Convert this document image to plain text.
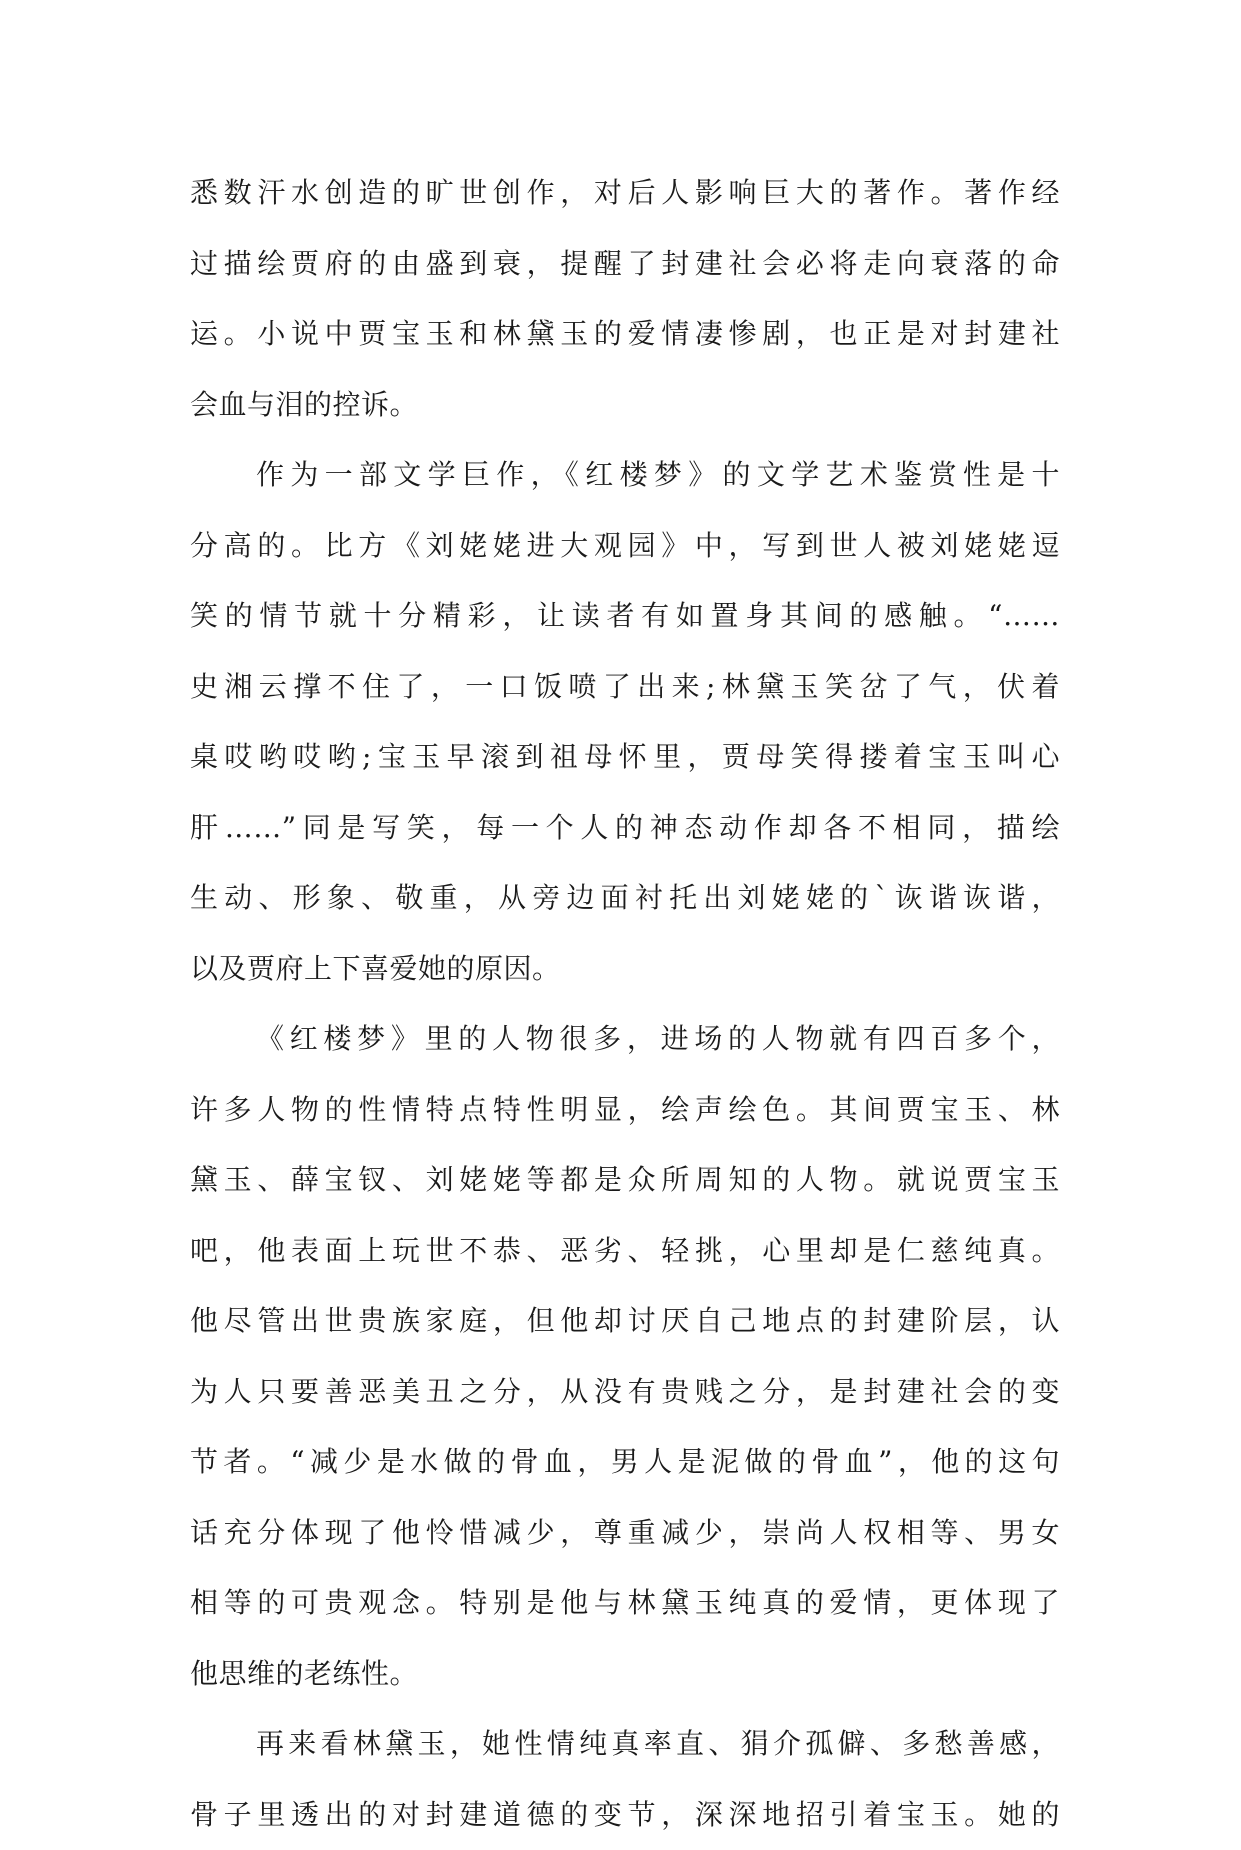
悉数汗水创造的旷世创作，对后人影响巨大的著作。著作经
过描绘贾府的由盛到衰，提醒了封建社会必将走向衰落的命
运。小说中贾宝玉和林黛玉的爱情凄惨剧，也正是对封建社
会血与泪的控诉。
作为一部文学巨作，《红楼梦》的文学艺术鉴赏性是十
分高的。比方《刘姥姥进大观园》中，写到世人被刘姥姥逗
笑的情节就十分精彩，让读者有如置身其间的感触。“……
史湘云撑不住了，一口饭喷了出来;林黛玉笑岔了气，伏着
桌哎哟哎哟;宝玉早滚到祖母怀里，贾母笑得搂着宝玉叫心
肝……”同是写笑，每一个人的神态动作却各不相同，描绘
生动、形象、敬重，从旁边面衬托出刘姥姥的`诙谐诙谐，
以及贾府上下喜爱她的原因。
《红楼梦》里的人物很多，进场的人物就有四百多个，
许多人物的性情特点特性明显，绘声绘色。其间贾宝玉、林
黛玉、薛宝钗、刘姥姥等都是众所周知的人物。就说贾宝玉
吧，他表面上玩世不恭、恶劣、轻挑，心里却是仁慈纯真。
他尽管出世贵族家庭，但他却讨厌自己地点的封建阶层，认
为人只要善恶美丑之分，从没有贵贱之分，是封建社会的变
节者。“减少是水做的骨血，男人是泥做的骨血”，他的这句
话充分体现了他怜惜减少，尊重减少，崇尚人权相等、男女
相等的可贵观念。特别是他与林黛玉纯真的爱情，更体现了
他思维的老练性。
再来看林黛玉，她性情纯真率直、狷介孤僻、多愁善感，
骨子里透出的对封建道德的变节，深深地招引着宝玉。她的
